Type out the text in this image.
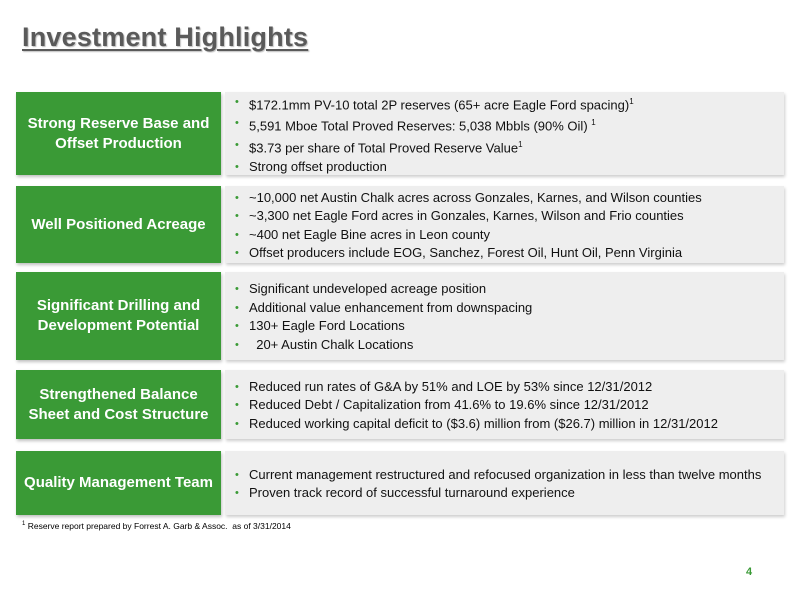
Investment Highlights
Strong Reserve Base and Offset Production
• $172.1mm PV-10 total 2P reserves (65+ acre Eagle Ford spacing)$^1$
• 5,591 Mboe Total Proved Reserves: 5,038 Mbbls (90% Oil) $^1$
• $3.73 per share of Total Proved Reserve Value$^1$
• Strong offset production
Well Positioned Acreage
• ~10,000 net Austin Chalk acres across Gonzales, Karnes, and Wilson counties
• ~3,300 net Eagle Ford acres in Gonzales, Karnes, Wilson and Frio counties
• ~400 net Eagle Bine acres in Leon county
• Offset producers include EOG, Sanchez, Forest Oil, Hunt Oil, Penn Virginia
Significant Drilling and Development Potential
• Significant undeveloped acreage position
• Additional value enhancement from downspacing
• 130+ Eagle Ford Locations
• 20+ Austin Chalk Locations
Strengthened Balance Sheet and Cost Structure
• Reduced run rates of G&A by 51% and LOE by 53% since 12/31/2012
• Reduced Debt / Capitalization from 41.6% to 19.6% since 12/31/2012
• Reduced working capital deficit to ($3.6) million from ($26.7) million in 12/31/2012
Quality Management Team	• Current management restructured and refocused organization in less than twelve months
• Proven track record of successful turnaround experience
$^1$ Reserve report prepared by Forrest A. Garb & Assoc.  as of 3/31/2014
4
